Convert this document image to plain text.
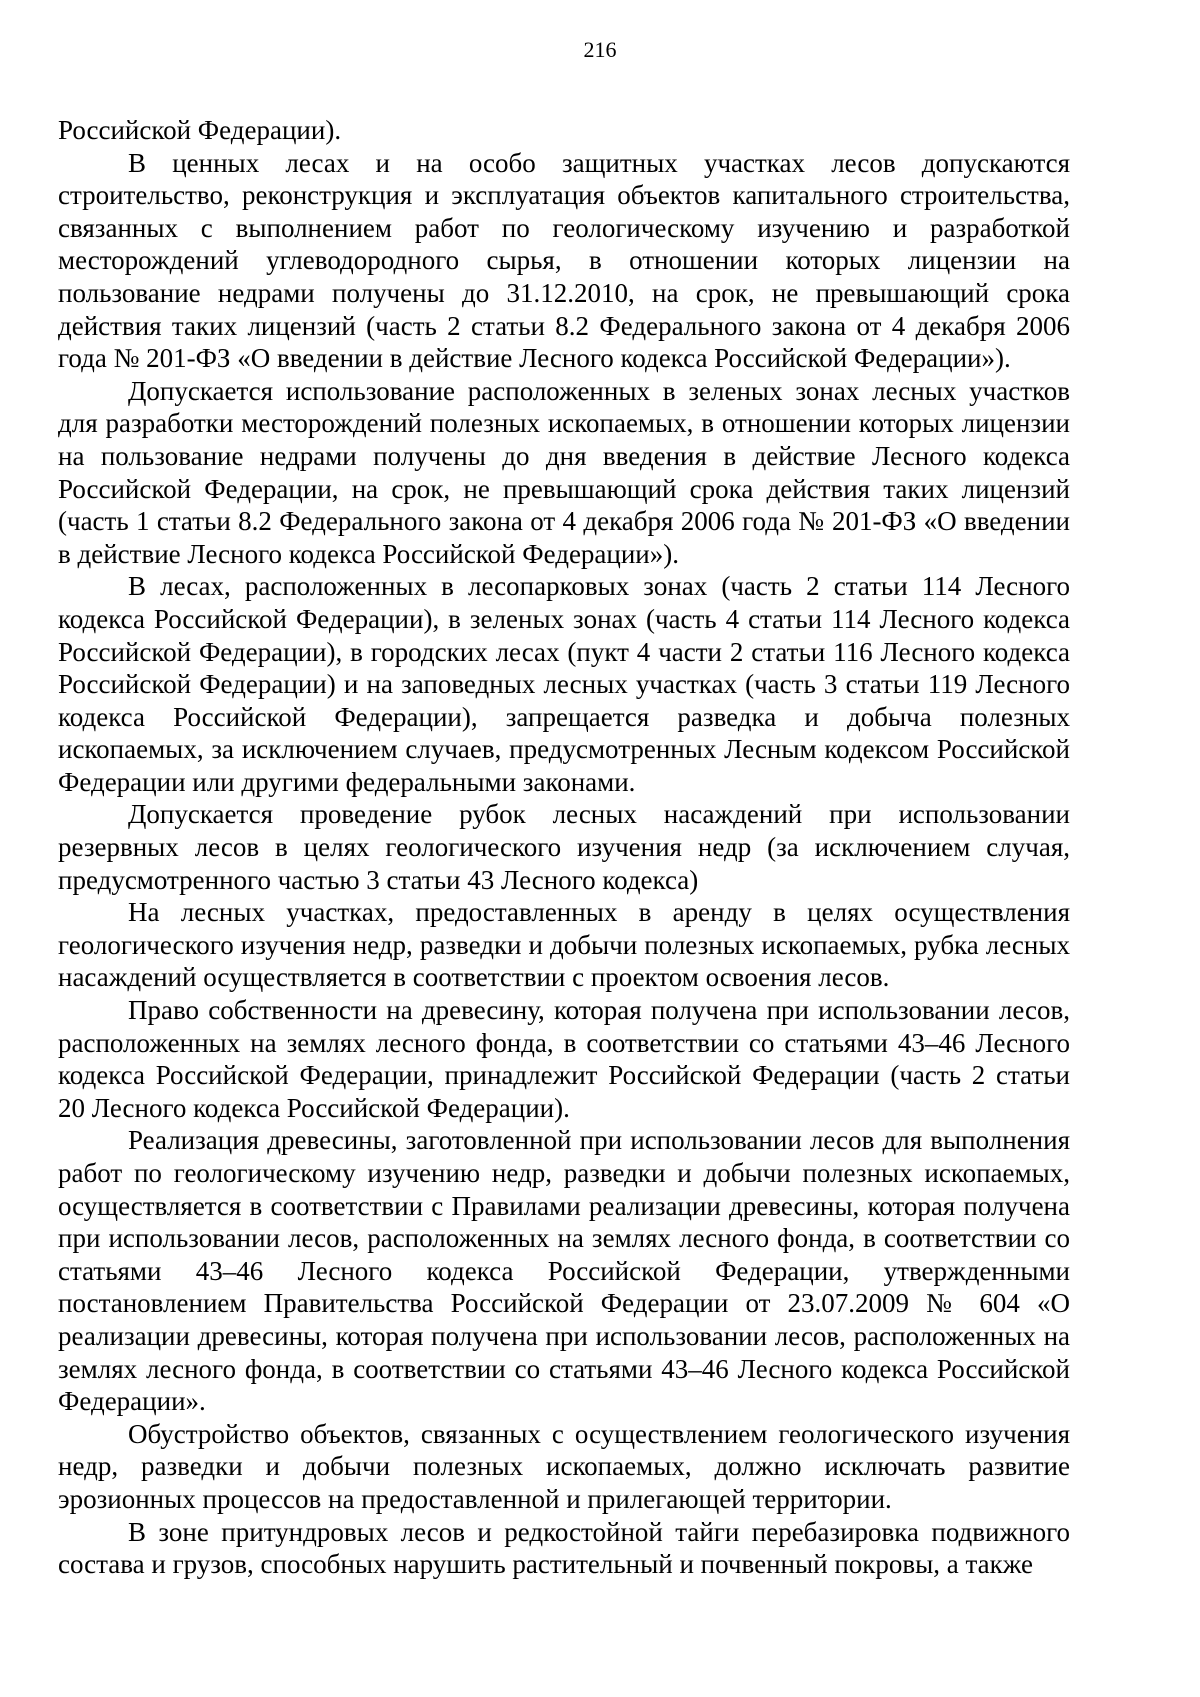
216

Российской Федерации).

В ценных лесах и на особо защитных участках лесов допускаются строительство, реконструкция и эксплуатация объектов капитального строительства, связанных с выполнением работ по геологическому изучению и разработкой месторождений углеводородного сырья, в отношении которых лицензии на пользование недрами получены до 31.12.2010, на срок, не превышающий срока действия таких лицензий (часть 2 статьи 8.2 Федерального закона от 4 декабря 2006 года № 201-ФЗ «О введении в действие Лесного кодекса Российской Федерации»).

Допускается использование расположенных в зеленых зонах лесных участков для разработки месторождений полезных ископаемых, в отношении которых лицензии на пользование недрами получены до дня введения в действие Лесного кодекса Российской Федерации, на срок, не превышающий срока действия таких лицензий (часть 1 статьи 8.2 Федерального закона от 4 декабря 2006 года № 201-ФЗ «О введении в действие Лесного кодекса Российской Федерации»).

В лесах, расположенных в лесопарковых зонах (часть 2 статьи 114 Лесного кодекса Российской Федерации), в зеленых зонах (часть 4 статьи 114 Лесного кодекса Российской Федерации), в городских лесах (пукт 4 части 2 статьи 116 Лесного кодекса Российской Федерации) и на заповедных лесных участках (часть 3 статьи 119 Лесного кодекса Российской Федерации), запрещается разведка и добыча полезных ископаемых, за исключением случаев, предусмотренных Лесным кодексом Российской Федерации или другими федеральными законами.

Допускается проведение рубок лесных насаждений при использовании резервных лесов в целях геологического изучения недр (за исключением случая, предусмотренного частью 3 статьи 43 Лесного кодекса)

На лесных участках, предоставленных в аренду в целях осуществления геологического изучения недр, разведки и добычи полезных ископаемых, рубка лесных насаждений осуществляется в соответствии с проектом освоения лесов.

Право собственности на древесину, которая получена при использовании лесов, расположенных на землях лесного фонда, в соответствии со статьями 43–46 Лесного кодекса Российской Федерации, принадлежит Российской Федерации (часть 2 статьи 20 Лесного кодекса Российской Федерации).

Реализация древесины, заготовленной при использовании лесов для выполнения работ по геологическому изучению недр, разведки и добычи полезных ископаемых, осуществляется в соответствии с Правилами реализации древесины, которая получена при использовании лесов, расположенных на землях лесного фонда, в соответствии со статьями 43–46 Лесного кодекса Российской Федерации, утвержденными постановлением Правительства Российской Федерации от 23.07.2009 № 604 «О реализации древесины, которая получена при использовании лесов, расположенных на землях лесного фонда, в соответствии со статьями 43–46 Лесного кодекса Российской Федерации».

Обустройство объектов, связанных с осуществлением геологического изучения недр, разведки и добычи полезных ископаемых, должно исключать развитие эрозионных процессов на предоставленной и прилегающей территории.

В зоне притундровых лесов и редкостойной тайги перебазировка подвижного состава и грузов, способных нарушить растительный и почвенный покровы, а также
